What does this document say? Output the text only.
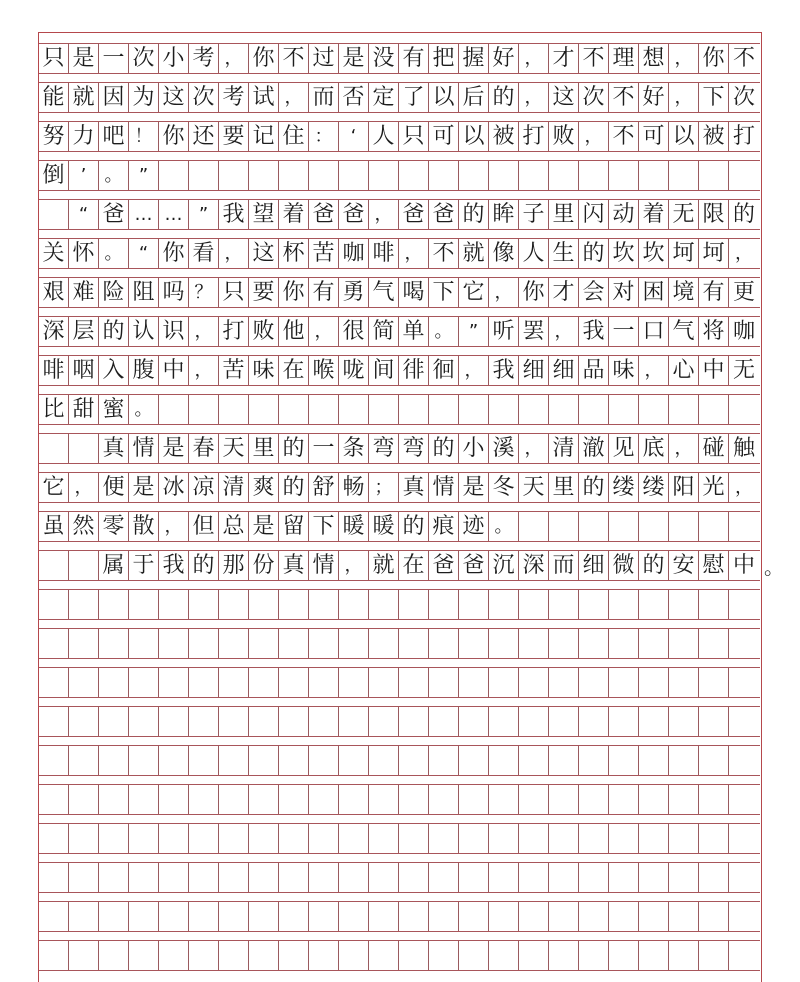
只 是 一 次 小 考 ， 你 不 过 是 没 有 把 握 好 ， 才 不 理 想 ， 你 不
能 就 因 为 这 次 考 试 ， 而 否 定 了 以 后 的 ， 这 次 不 好 ， 下 次
努 力 吧 ！ 你 还 要 记 住 ：	‘ 人 只 可 以 被 打 败 ， 不 可 以 被 打
倒 ’	。 ”
“ 爸 … … ” 我 望 着 爸 爸 ， 爸 爸 的 眸 子 里 闪 动 着 无 限 的
关 怀 。 “ 你 看 ， 这 杯 苦 咖 啡 ， 不 就 像 人 生 的 坎 坎 坷 坷 ，
艰 难 险 阻 吗 ？ 只 要 你 有 勇 气 喝 下 它 ， 你 才 会 对 困 境 有 更
深 层 的 认 识 ， 打 败 他 ， 很 简 单 。 ” 听 罢 ， 我 一 口 气 将 咖
啡 咽 入 腹 中 ， 苦 味 在 喉 咙 间 徘 徊 ， 我 细 细 品 味 ， 心 中 无
比 甜 蜜 。
真 情 是 春 天 里 的 一 条 弯 弯 的 小 溪 ， 清 澈 见 底 ， 碰 触
它 ， 便 是 冰 凉 清 爽 的 舒 畅 ； 真 情 是 冬 天 里 的 缕 缕 阳 光 ，
虽 然 零 散 ， 但 总 是 留 下 暖 暖 的 痕 迹 。
属 于 我 的 那 份 真 情 ， 就 在 爸 爸 沉 深 而 细 微 的 安 慰 中 。
